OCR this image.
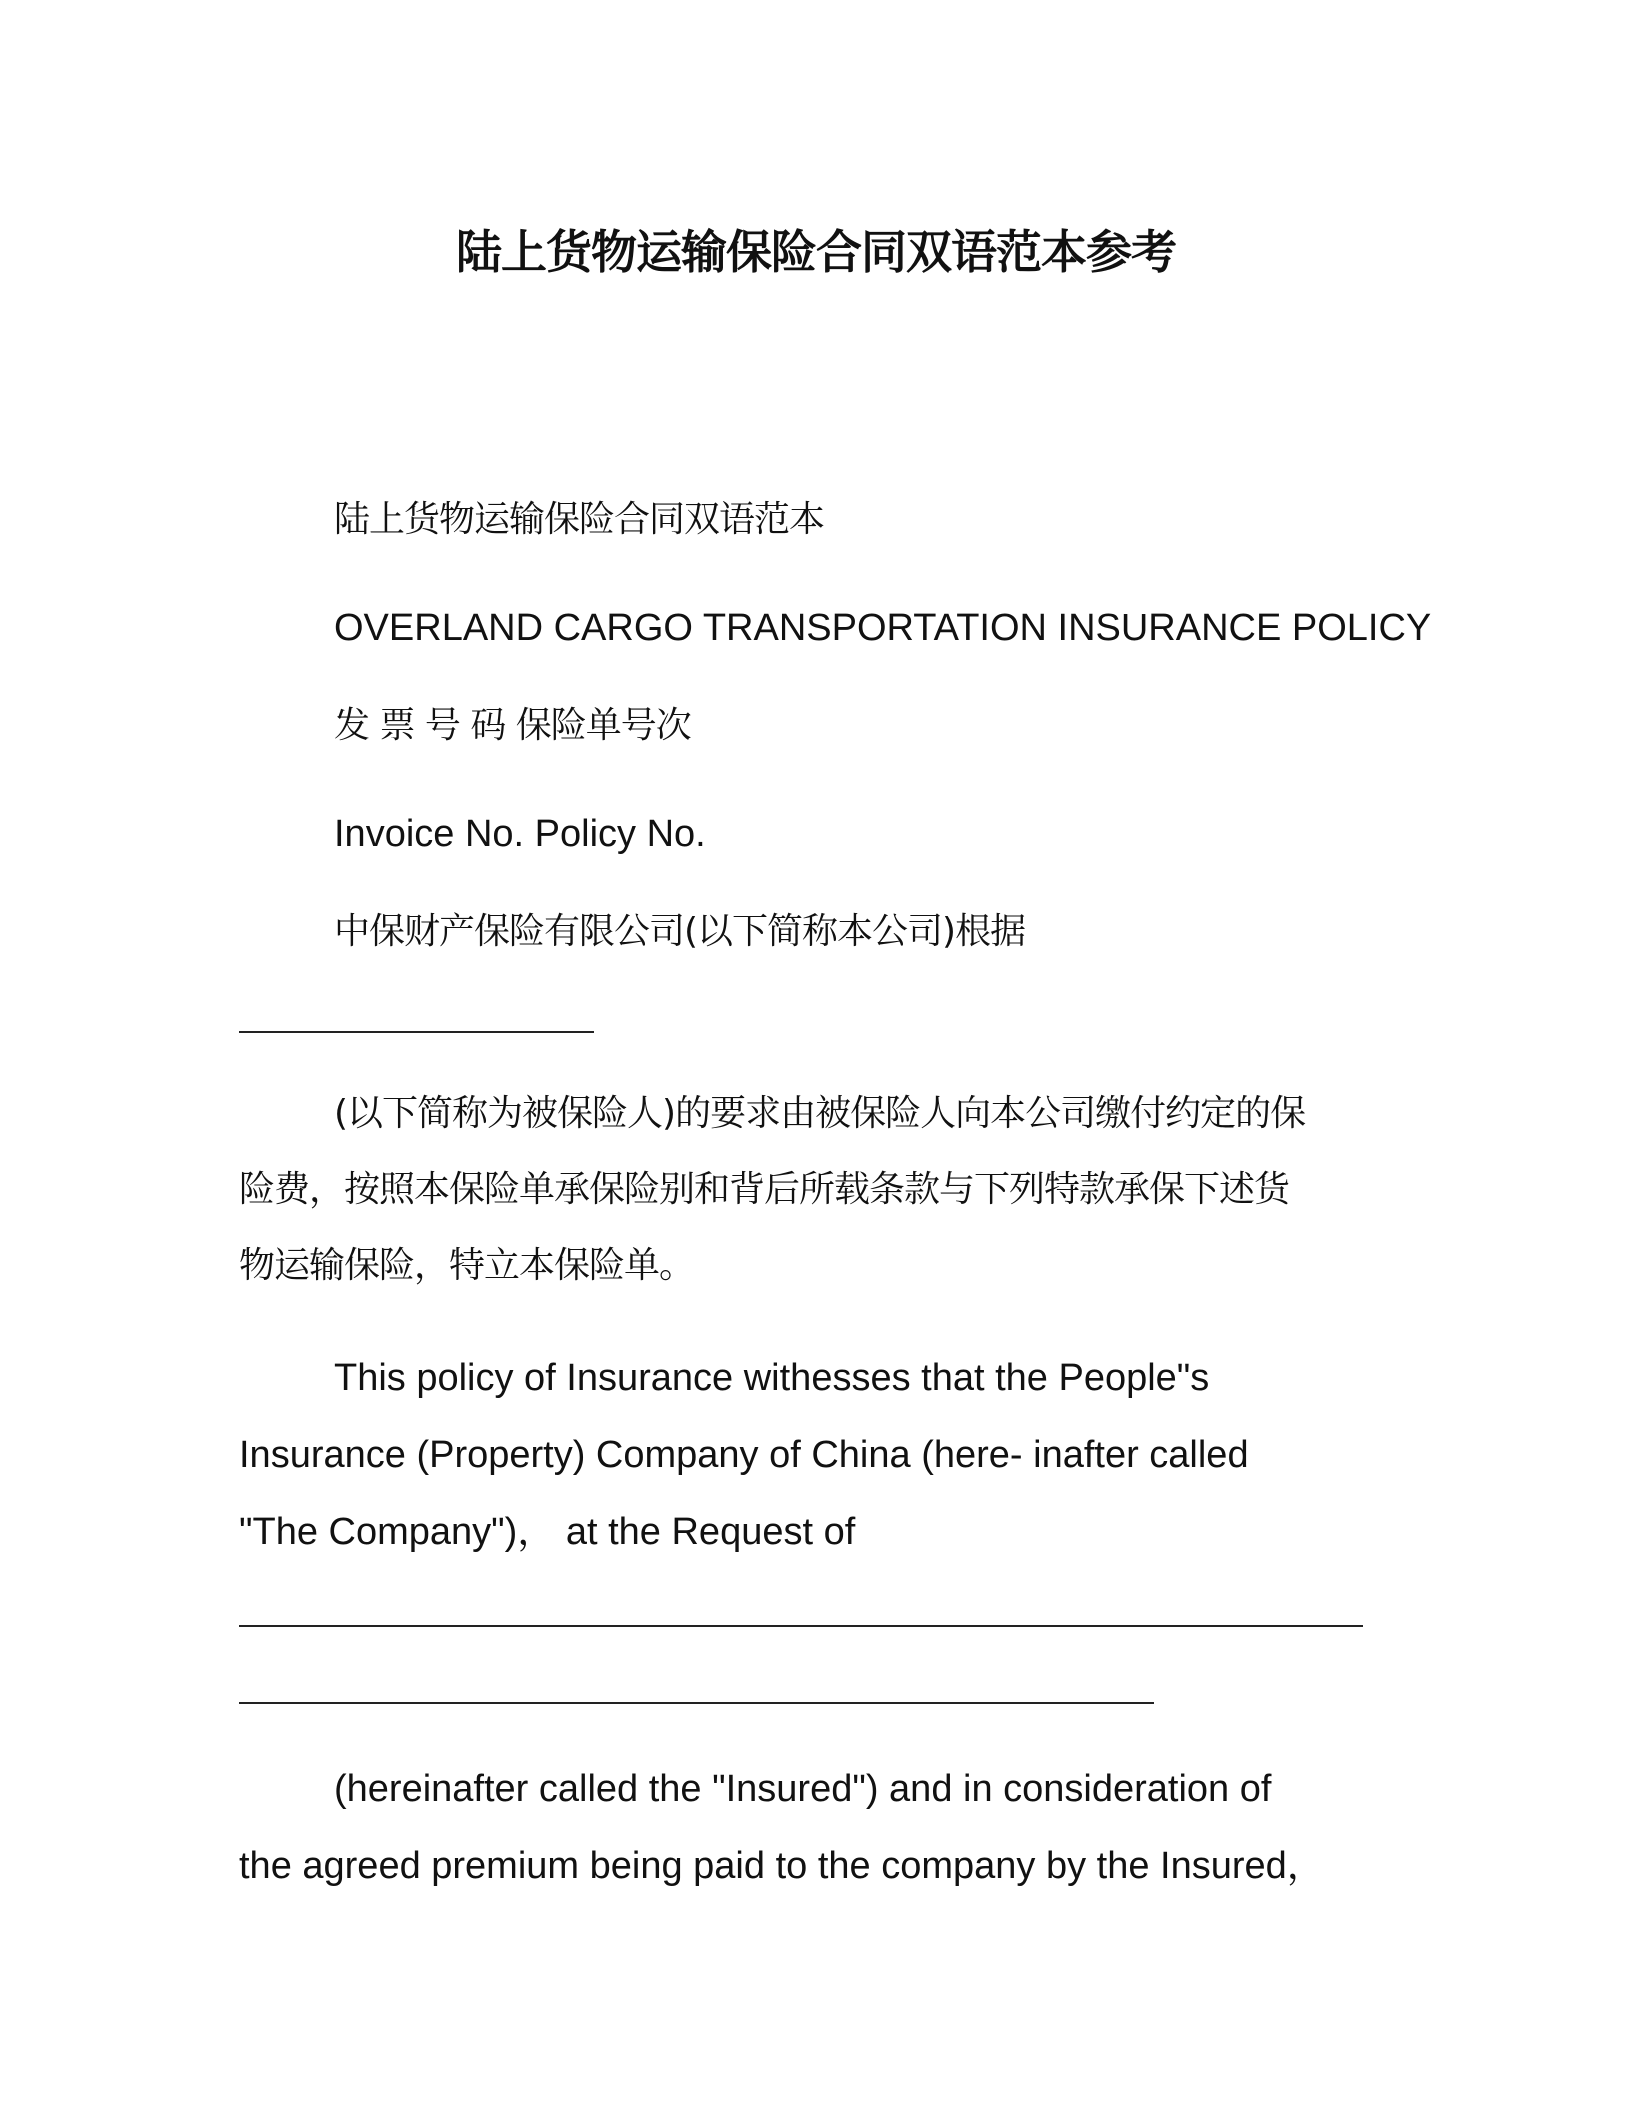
陆上货物运输保险合同双语范本参考
陆上货物运输保险合同双语范本
OVERLAND CARGO TRANSPORTATION INSURANCE POLICY
发 票 号 码 保险单号次
Invoice No. Policy No.
中保财产保险有限公司(以下简称本公司)根据
(以下简称为被保险人)的要求由被保险人向本公司缴付约定的保
险费，按照本保险单承保险别和背后所载条款与下列特款承保下述货
物运输保险，特立本保险单。
This policy of Insurance withesses that the People"s
Insurance (Property) Company of China (here- inafter called
"The Company")， at the Request of
(hereinafter called the "Insured") and in consideration of
the agreed premium being paid to the company by the Insured，
